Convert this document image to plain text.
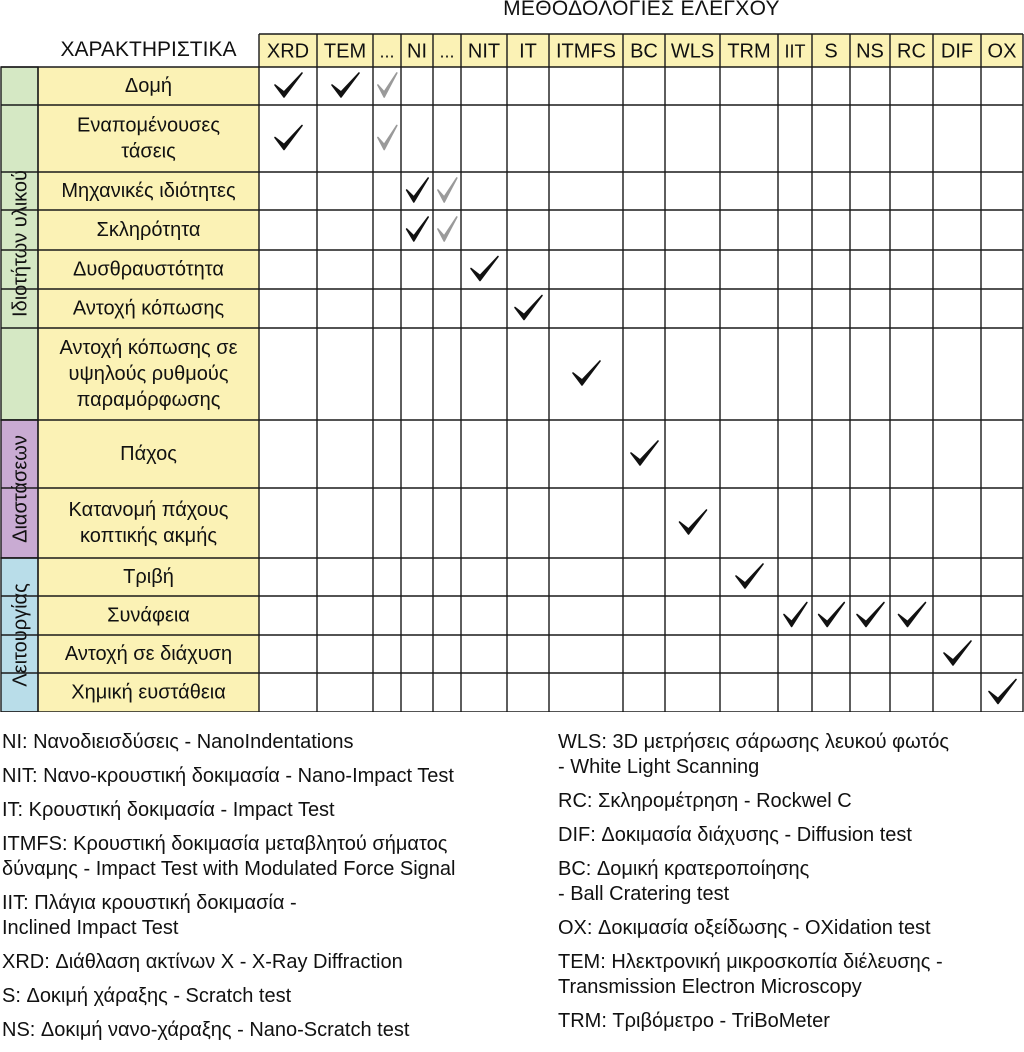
ΜΕΘΟΔΟΛΟΓΙΕΣ ΕΛΕΓΧΟΥ
ΧΑΡΑΚΤΗΡΙΣΤΙΚΑ
Ιδιοτήτων υλικού
Διαστάσεων
Λειτουργίας
XRD TEM ... NI ... NIT IT ITMFS BC WLS TRM IIT S NS RC DIF OX
Δομή
Εναπομένουσες
τάσεις
Μηχανικές ιδιότητες
Σκληρότητα
Δυσθραυστότητα
Αντοχή κόπωσης
Αντοχή κόπωσης σε
υψηλούς ρυθμούς
παραμόρφωσης
Πάχος
Κατανομή πάχους
κοπτικής ακμής
Τριβή
Συνάφεια
Αντοχή σε διάχυση
Χημική ευστάθεια
NI: Νανοδιεισδύσεις - NanoIndentations
NIT: Νανο-κρουστική δοκιμασία - Nano-Impact Test
IT: Κρουστική δοκιμασία - Impact Test
ITMFS: Κρουστική δοκιμασία μεταβλητού σήματος
δύναμης - Impact Test with Modulated Force Signal
IIT: Πλάγια κρουστική δοκιμασία -
Inclined Impact Test
XRD: Διάθλαση ακτίνων X - X-Ray Diffraction
S: Δοκιμή χάραξης - Scratch test
NS: Δοκιμή νανο-χάραξης - Nano-Scratch test
WLS: 3D μετρήσεις σάρωσης λευκού φωτός
- White Light Scanning
RC: Σκληρομέτρηση - Rockwel C
DIF: Δοκιμασία διάχυσης - Diffusion test
BC: Δομική κρατεροποίησης
- Ball Cratering test
OX: Δοκιμασία οξείδωσης - OXidation test
TEM: Ηλεκτρονική μικροσκοπία διέλευσης -
Transmission Electron Microscopy
TRM: Τριβόμετρο - TriBoMeter
